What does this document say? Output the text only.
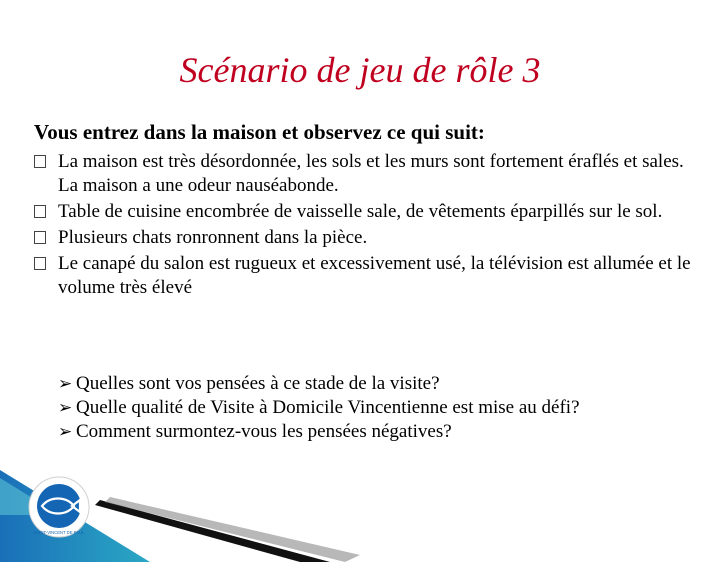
Scénario de jeu de rôle 3
Vous entrez dans la maison et observez ce qui suit:
La maison est très désordonnée, les sols et les murs sont fortement éraflés et sales. La maison a une odeur nauséabonde.
Table de cuisine encombrée de vaisselle sale, de vêtements éparpillés sur le sol.
Plusieurs chats ronronnent dans la pièce.
Le canapé du salon est rugueux et excessivement usé, la télévision est allumée et le volume très élevé
➢ Quelles sont vos pensées à ce stade de la visite?
➢ Quelle qualité de Visite à Domicile Vincentienne est mise au défi?
➢ Comment surmontez-vous les pensées négatives?
SAINT-VINCENT DE PAUL
